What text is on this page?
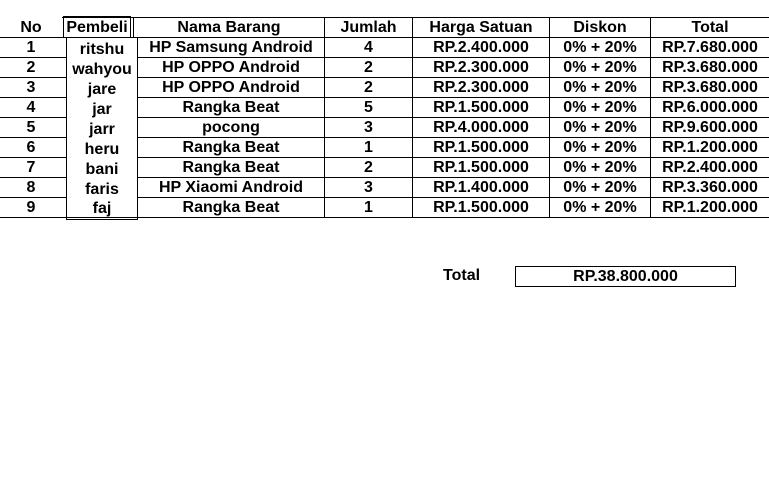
No	Pembeli	Nama Barang	Jumlah	Harga Satuan	Diskon	Total
1	ritshu	HP Samsung Android	4	RP.2.400.000	0% + 20%	RP.7.680.000
2	wahyou	HP OPPO Android	2	RP.2.300.000	0% + 20%	RP.3.680.000
3	jare	HP OPPO Android	2	RP.2.300.000	0% + 20%	RP.3.680.000
4	jar	Rangka Beat	5	RP.1.500.000	0% + 20%	RP.6.000.000
5	jarr	pocong	3	RP.4.000.000	0% + 20%	RP.9.600.000
6	heru	Rangka Beat	1	RP.1.500.000	0% + 20%	RP.1.200.000
7	bani	Rangka Beat	2	RP.1.500.000	0% + 20%	RP.2.400.000
8	faris	HP Xiaomi Android	3	RP.1.400.000	0% + 20%	RP.3.360.000
9	faj	Rangka Beat	1	RP.1.500.000	0% + 20%	RP.1.200.000
Total	RP.38.800.000
